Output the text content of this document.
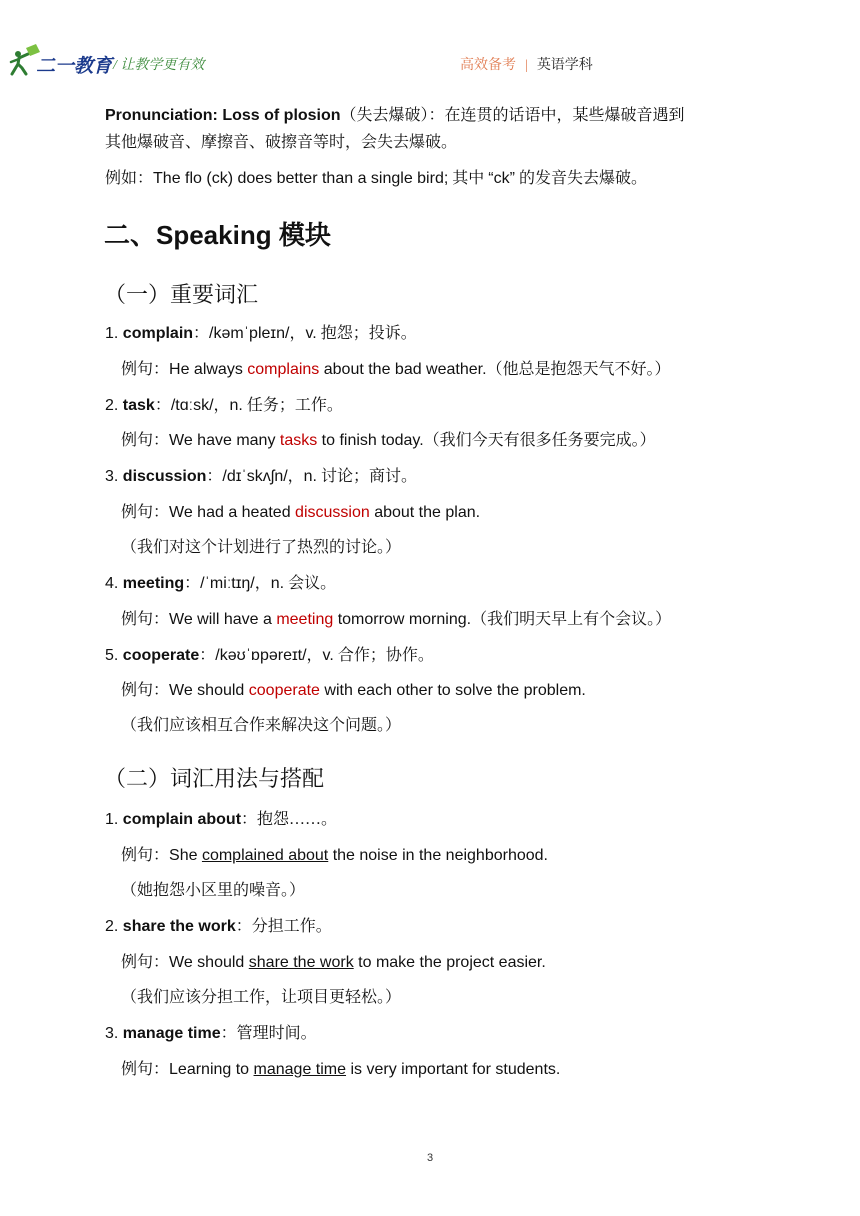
二一教育 / 让教学更有效	高效备考 | 英语学科
Pronunciation: Loss of plosion（失去爆破）：在连贯的话语中，某些爆破音遇到
其他爆破音、摩擦音、破擦音等时，会失去爆破。
例如：The flo (ck) does better than a single bird; 其中 “ck” 的发音失去爆破。
二、Speaking 模块
（一）重要词汇
1. complain：/kəmˈpleɪn/，v. 抱怨；投诉。
例句：He always complains about the bad weather.（他总是抱怨天气不好。）
2. task：/tɑːsk/，n. 任务；工作。
例句：We have many tasks to finish today.（我们今天有很多任务要完成。）
3. discussion：/dɪˈskʌʃn/，n. 讨论；商讨。
例句：We had a heated discussion about the plan.
（我们对这个计划进行了热烈的讨论。）
4. meeting：/ˈmiːtɪŋ/，n. 会议。
例句：We will have a meeting tomorrow morning.（我们明天早上有个会议。）
5. cooperate：/kəʊˈɒpəreɪt/，v. 合作；协作。
例句：We should cooperate with each other to solve the problem.
（我们应该相互合作来解决这个问题。）
（二）词汇用法与搭配
1. complain about：抱怨……。
例句：She complained about the noise in the neighborhood.
（她抱怨小区里的噪音。）
2. share the work：分担工作。
例句：We should share the work to make the project easier.
（我们应该分担工作，让项目更轻松。）
3. manage time：管理时间。
例句：Learning to manage time is very important for students.
3
